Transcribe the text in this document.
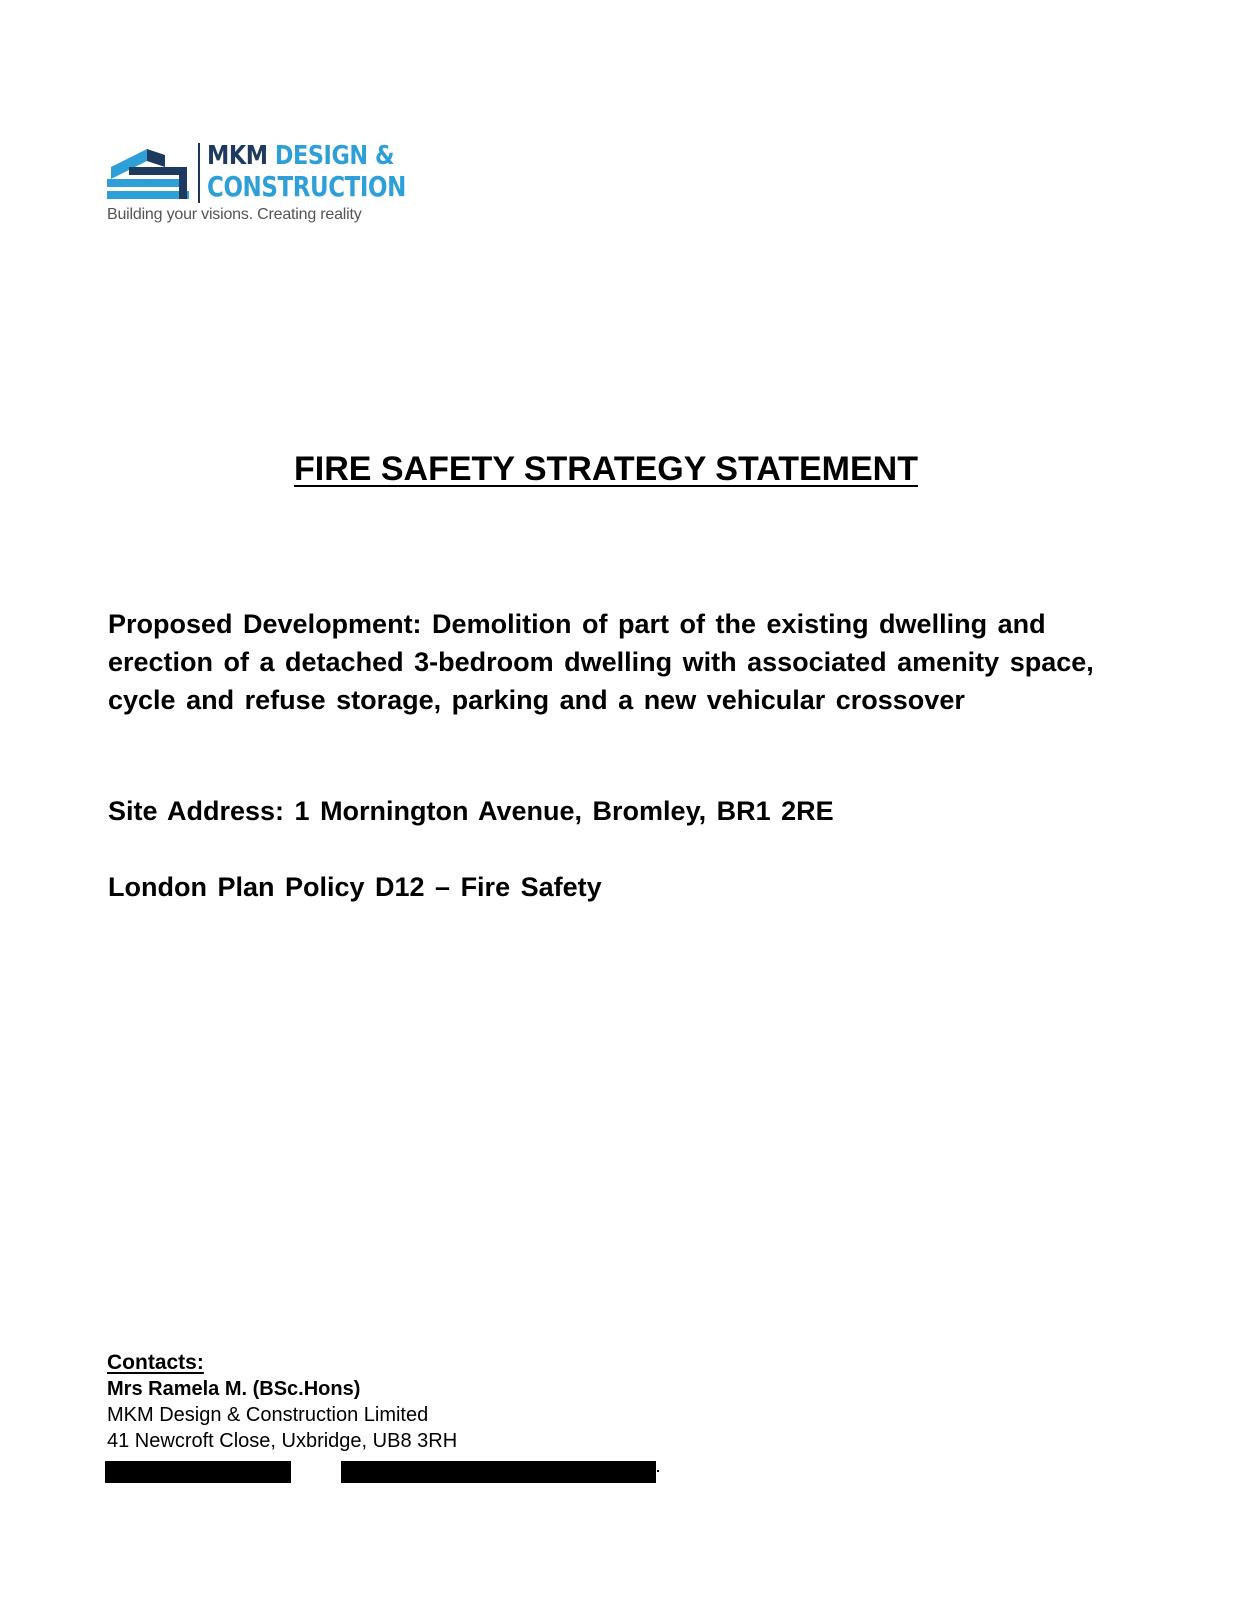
MKM DESIGN &
CONSTRUCTION
Building your visions. Creating reality
FIRE SAFETY STRATEGY STATEMENT

Proposed Development: Demolition of part of the existing dwelling and erection of a detached 3-bedroom dwelling with associated amenity space, cycle and refuse storage, parking and a new vehicular crossover

Site Address: 1 Mornington Avenue, Bromley, BR1 2RE
London Plan Policy D12 – Fire Safety
Contacts:
Mrs Ramela M. (BSc.Hons)
MKM Design & Construction Limited
41 Newcroft Close, Uxbridge, UB8 3RH
